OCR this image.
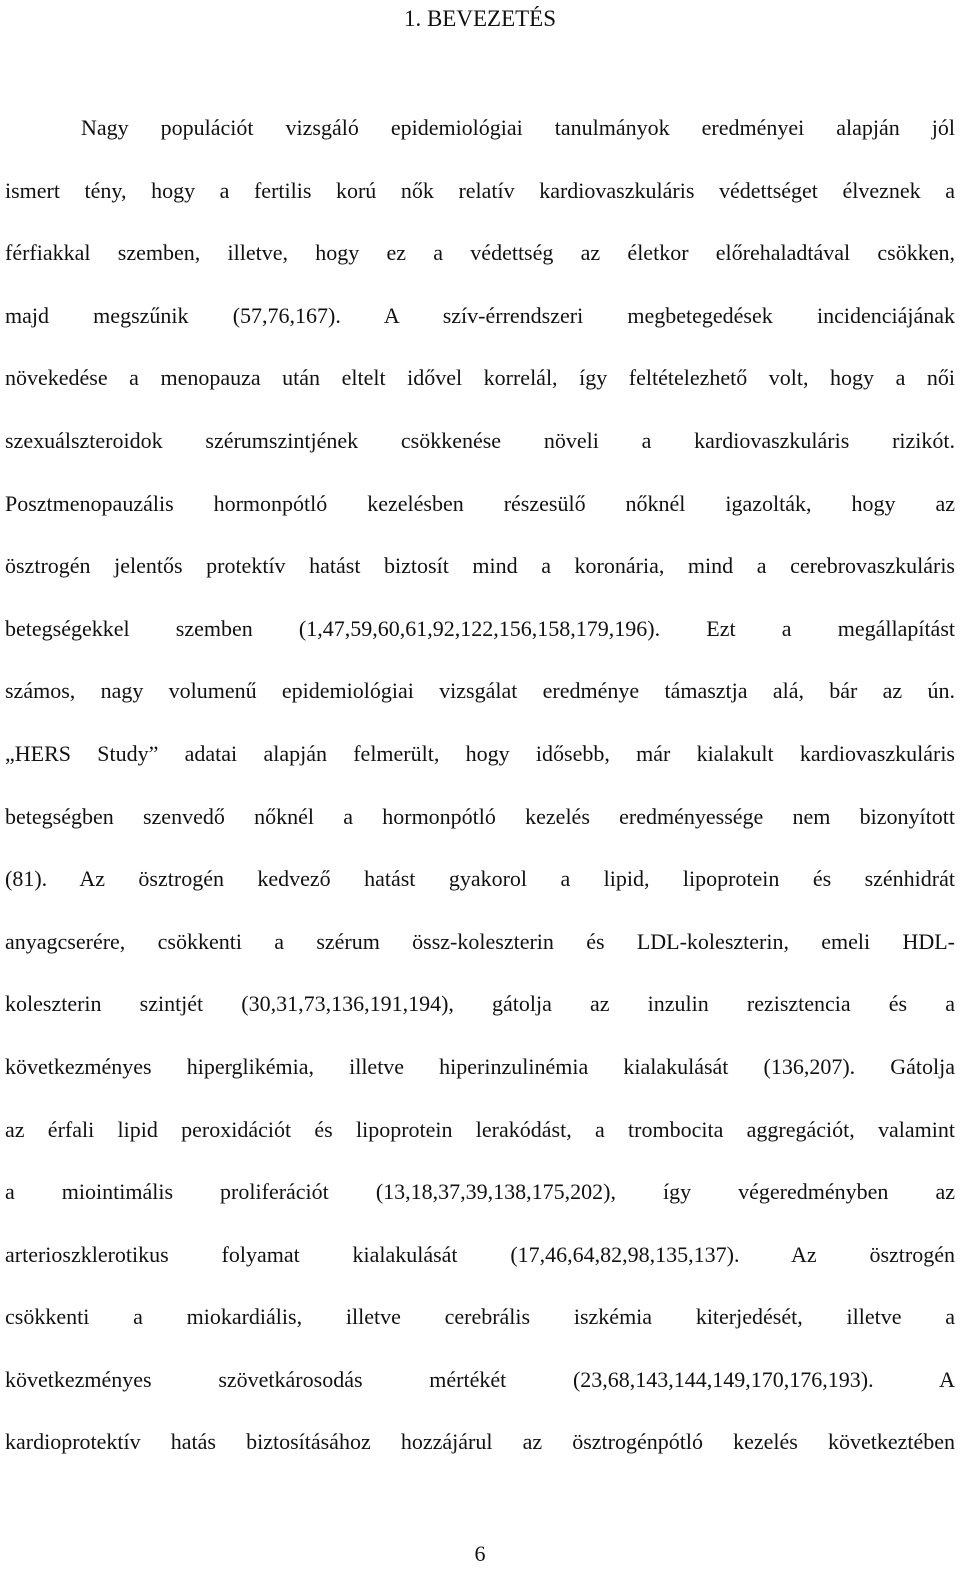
1. BEVEZETÉS
Nagy populációt vizsgáló epidemiológiai tanulmányok eredményei alapján jól
ismert tény, hogy a fertilis korú nők relatív kardiovaszkuláris védettséget élveznek a
férfiakkal szemben, illetve, hogy ez a védettség az életkor előrehaladtával csökken,
majd megszűnik (57,76,167). A szív-érrendszeri megbetegedések incidenciájának
növekedése a menopauza után eltelt idővel korrelál, így feltételezhető volt, hogy a női
szexuálszteroidok szérumszintjének csökkenése növeli a kardiovaszkuláris rizikót.
Posztmenopauzális hormonpótló kezelésben részesülő nőknél igazolták, hogy az
ösztrogén jelentős protektív hatást biztosít mind a koronária, mind a cerebrovaszkuláris
betegségekkel szemben (1,47,59,60,61,92,122,156,158,179,196). Ezt a megállapítást
számos, nagy volumenű epidemiológiai vizsgálat eredménye támasztja alá, bár az ún.
„HERS Study” adatai alapján felmerült, hogy idősebb, már kialakult kardiovaszkuláris
betegségben szenvedő nőknél a hormonpótló kezelés eredményessége nem bizonyított
(81). Az ösztrogén kedvező hatást gyakorol a lipid, lipoprotein és szénhidrát
anyagcserére, csökkenti a szérum össz-koleszterin és LDL-koleszterin, emeli HDL-
koleszterin szintjét (30,31,73,136,191,194), gátolja az inzulin rezisztencia és a
következményes hiperglikémia, illetve hiperinzulinémia kialakulását (136,207). Gátolja
az érfali lipid peroxidációt és lipoprotein lerakódást, a trombocita aggregációt, valamint
a miointimális proliferációt (13,18,37,39,138,175,202), így végeredményben az
arterioszklerotikus folyamat kialakulását (17,46,64,82,98,135,137). Az ösztrogén
csökkenti a miokardiális, illetve cerebrális iszkémia kiterjedését, illetve a
következményes szövetkárosodás mértékét (23,68,143,144,149,170,176,193). A
kardioprotektív hatás biztosításához hozzájárul az ösztrogénpótló kezelés következtében
6
